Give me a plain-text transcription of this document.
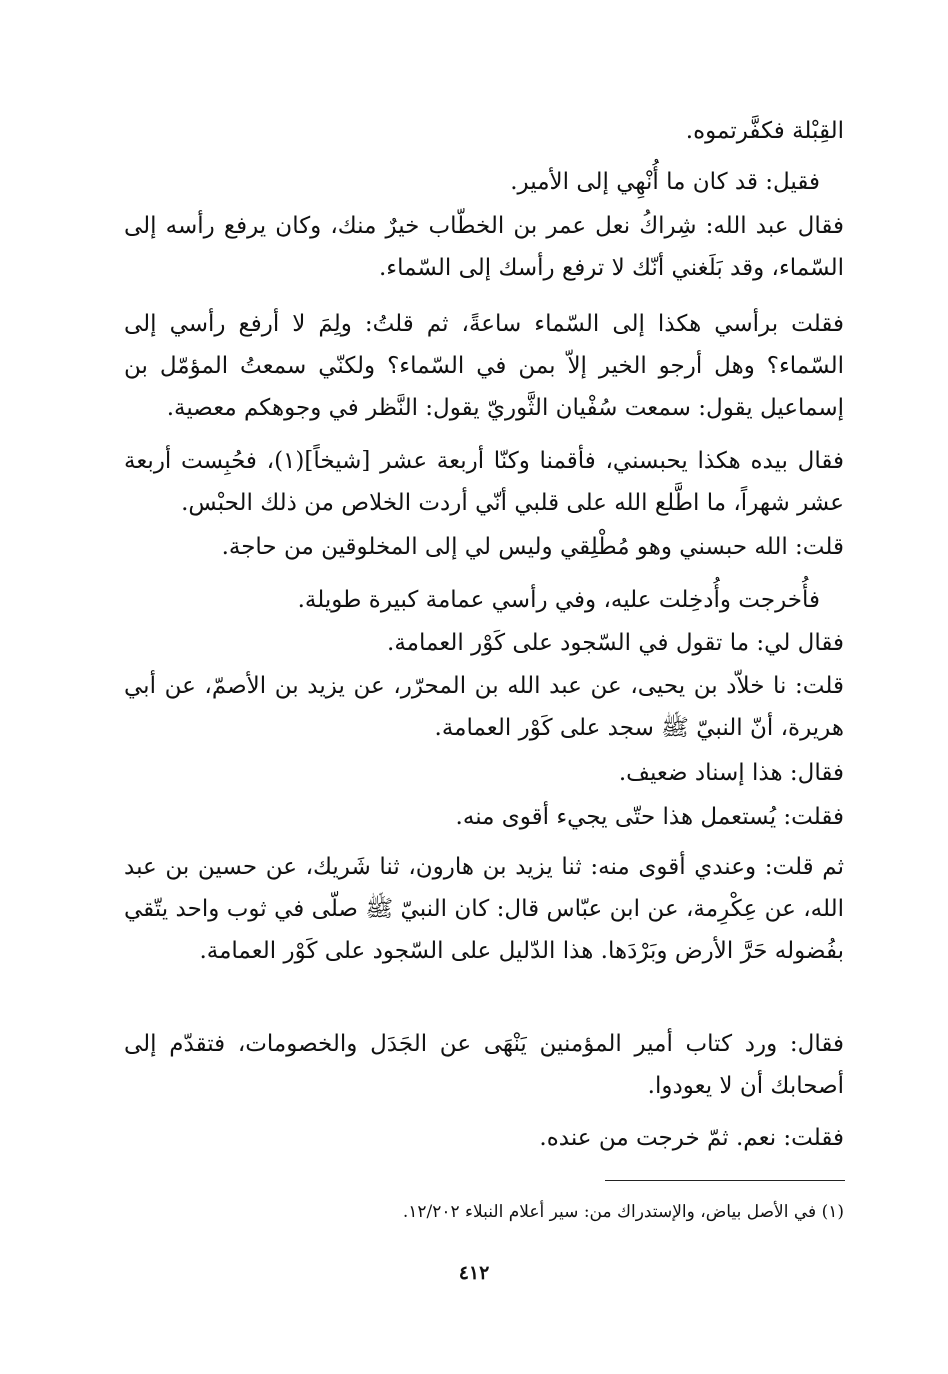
القِبْلة فكفَّرتموه.
فقيل: قد كان ما أُنْهِي إلى الأمير.
فقال عبد الله: شِراكُ نعل عمر بن الخطّاب خيرٌ منك، وكان يرفع رأسه إلى السّماء، وقد بَلَغني أنّك لا ترفع رأسك إلى السّماء.
فقلت برأسي هكذا إلى السّماء ساعةً، ثم قلتُ: ولِمَ لا أرفع رأسي إلى السّماء؟ وهل أرجو الخير إلاّ بمن في السّماء؟ ولكنّي سمعتُ المؤمّل بن إسماعيل يقول: سمعت سُفْيان الثَّوريّ يقول: النَّظر في وجوهكم معصية.
فقال بيده هكذا يحبسني، فأقمنا وكنّا أربعة عشر [شيخاً](١)، فحُبِست أربعة عشر شهراً، ما اطَّلع الله على قلبي أنّي أردت الخلاص من ذلك الحبْس.
قلت: الله حبسني وهو مُطْلِقي وليس لي إلى المخلوقين من حاجة.
فأُخرجت وأُدخِلت عليه، وفي رأسي عمامة كبيرة طويلة.
فقال لي: ما تقول في السّجود على كَوْر العمامة.
قلت: نا خلاّد بن يحيى، عن عبد الله بن المحرّر، عن يزيد بن الأصمّ، عن أبي هريرة، أنّ النبيّ ﷺ سجد على كَوْر العمامة.
فقال: هذا إسناد ضعيف.
فقلت: يُستعمل هذا حتّى يجيء أقوى منه.
ثم قلت: وعندي أقوى منه: ثنا يزيد بن هارون، ثنا شَريك، عن حسين بن عبد الله، عن عِكْرِمة، عن ابن عبّاس قال: كان النبيّ ﷺ صلّى في ثوب واحد يتّقي بفُضوله حَرَّ الأرض وبَرْدَها. هذا الدّليل على السّجود على كَوْر العمامة.
فقال: ورد كتاب أمير المؤمنين يَنْهَى عن الجَدَل والخصومات، فتقدّم إلى أصحابك أن لا يعودوا.
فقلت: نعم. ثمّ خرجت من عنده.
(١) في الأصل بياض، والإستدراك من: سير أعلام النبلاء ١٢/٢٠٢.
٤١٢
